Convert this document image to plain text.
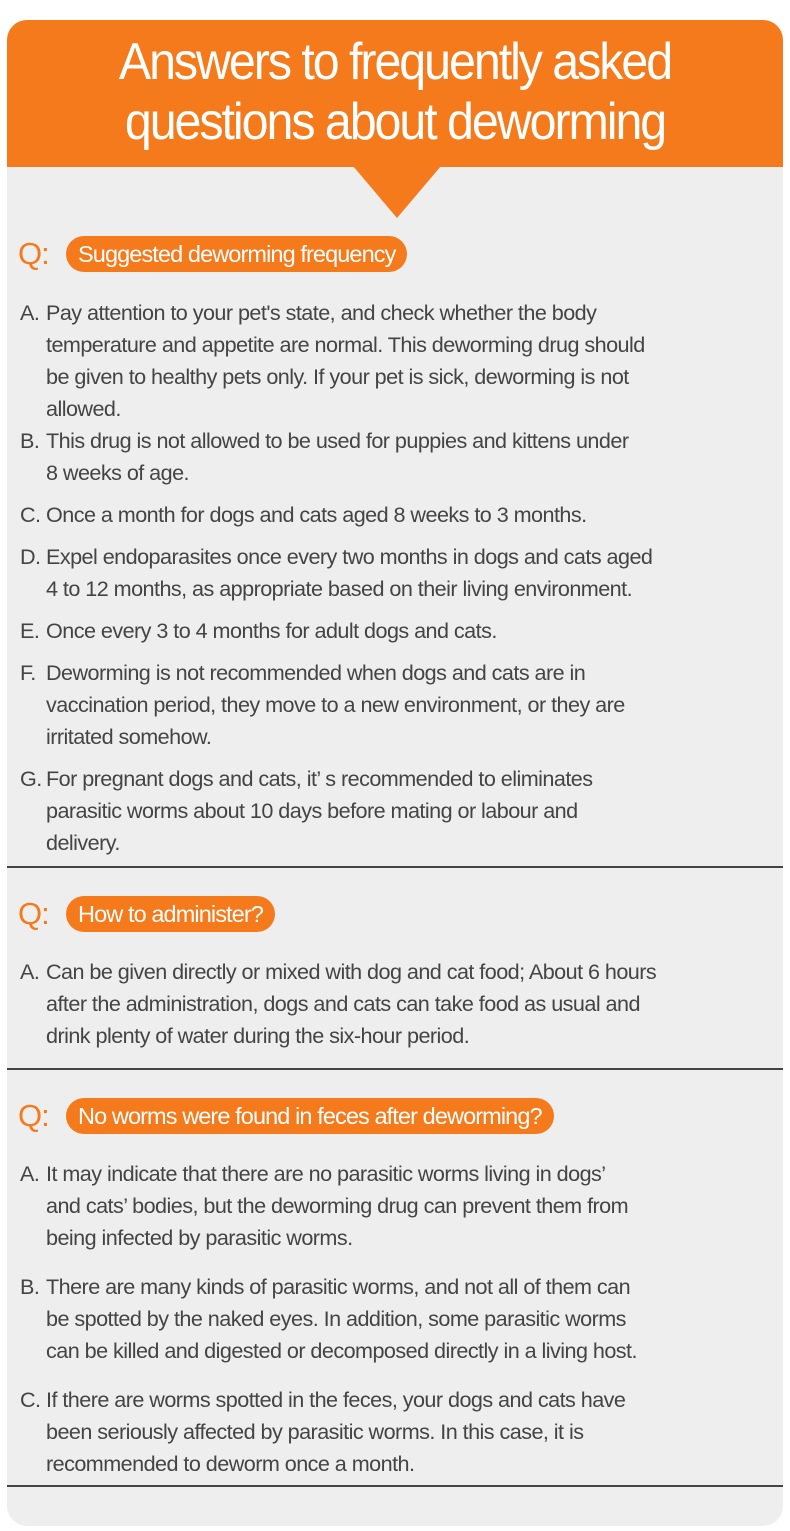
Answers to frequently asked
questions about deworming
Q:	Suggested deworming frequency
A. Pay attention to your pet's state, and check whether the body
temperature and appetite are normal. This deworming drug should
be given to healthy pets only. If your pet is sick, deworming is not
allowed.
B. This drug is not allowed to be used for puppies and kittens under
8 weeks of age.
C. Once a month for dogs and cats aged 8 weeks to 3 months.
D. Expel endoparasites once every two months in dogs and cats aged
4 to 12 months, as appropriate based on their living environment.
E. Once every 3 to 4 months for adult dogs and cats.
F. Deworming is not recommended when dogs and cats are in
vaccination period, they move to a new environment, or they are
irritated somehow.
G. For pregnant dogs and cats, it’ s recommended to eliminates
parasitic worms about 10 days before mating or labour and
delivery.
Q:	How to administer?
A. Can be given directly or mixed with dog and cat food; About 6 hours
after the administration, dogs and cats can take food as usual and
drink plenty of water during the six-hour period.
Q:	No worms were found in feces after deworming?
A. It may indicate that there are no parasitic worms living in dogs’
and cats’ bodies, but the deworming drug can prevent them from
being infected by parasitic worms.
B. There are many kinds of parasitic worms, and not all of them can
be spotted by the naked eyes. In addition, some parasitic worms
can be killed and digested or decomposed directly in a living host.
C. If there are worms spotted in the feces, your dogs and cats have
been seriously affected by parasitic worms. In this case, it is
recommended to deworm once a month.
